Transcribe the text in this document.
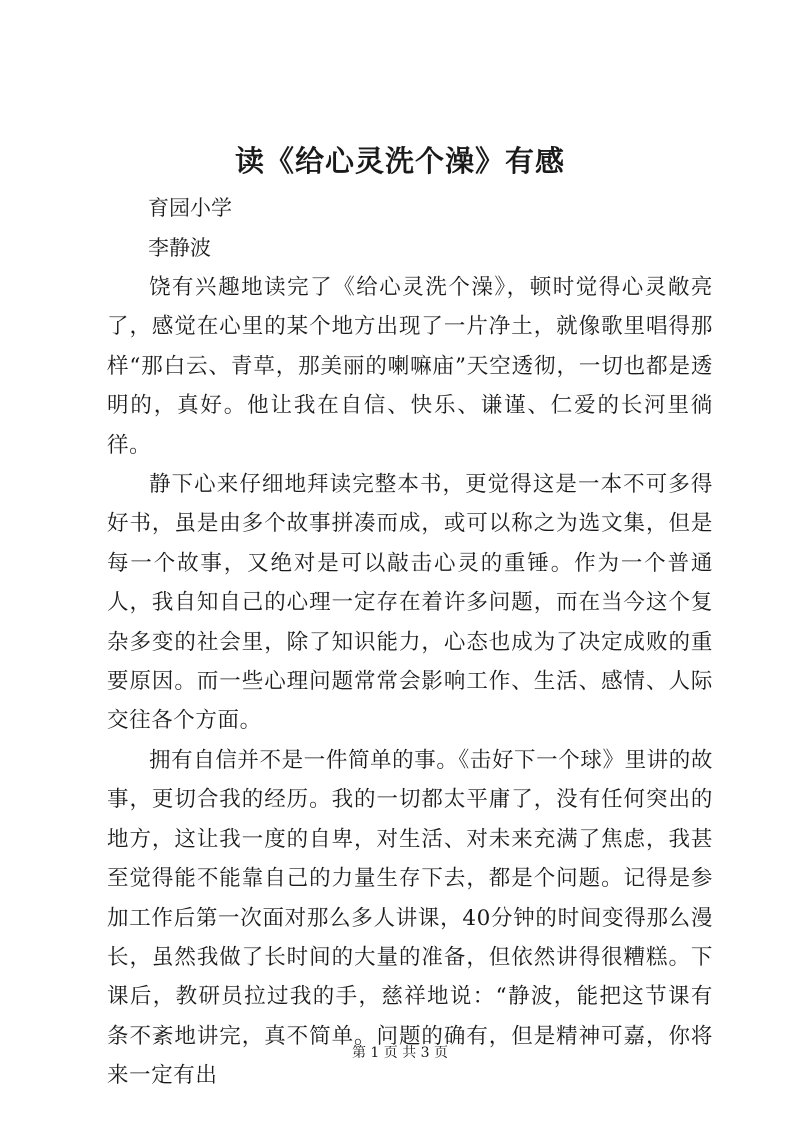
读《给心灵洗个澡》有感
育园小学
李静波

饶有兴趣地读完了《给心灵洗个澡》，顿时觉得心灵敞亮了，感觉在心里的某个地方出现了一片净土，就像歌里唱得那样“那白云、青草，那美丽的喇嘛庙”天空透彻，一切也都是透明的，真好。他让我在自信、快乐、谦谨、仁爱的长河里徜徉。

静下心来仔细地拜读完整本书，更觉得这是一本不可多得好书，虽是由多个故事拼凑而成，或可以称之为选文集，但是每一个故事，又绝对是可以敲击心灵的重锤。作为一个普通人，我自知自己的心理一定存在着许多问题，而在当今这个复杂多变的社会里，除了知识能力，心态也成为了决定成败的重要原因。而一些心理问题常常会影响工作、生活、感情、人际交往各个方面。

拥有自信并不是一件简单的事。《击好下一个球》里讲的故事，更切合我的经历。我的一切都太平庸了，没有任何突出的地方，这让我一度的自卑，对生活、对未来充满了焦虑，我甚至觉得能不能靠自己的力量生存下去，都是个问题。记得是参加工作后第一次面对那么多人讲课，40分钟的时间变得那么漫长，虽然我做了长时间的大量的准备，但依然讲得很糟糕。下课后，教研员拉过我的手，慈祥地说：“静波，能把这节课有条不紊地讲完，真不简单。问题的确有，但是精神可嘉，你将来一定有出

第 1 页 共 3 页
